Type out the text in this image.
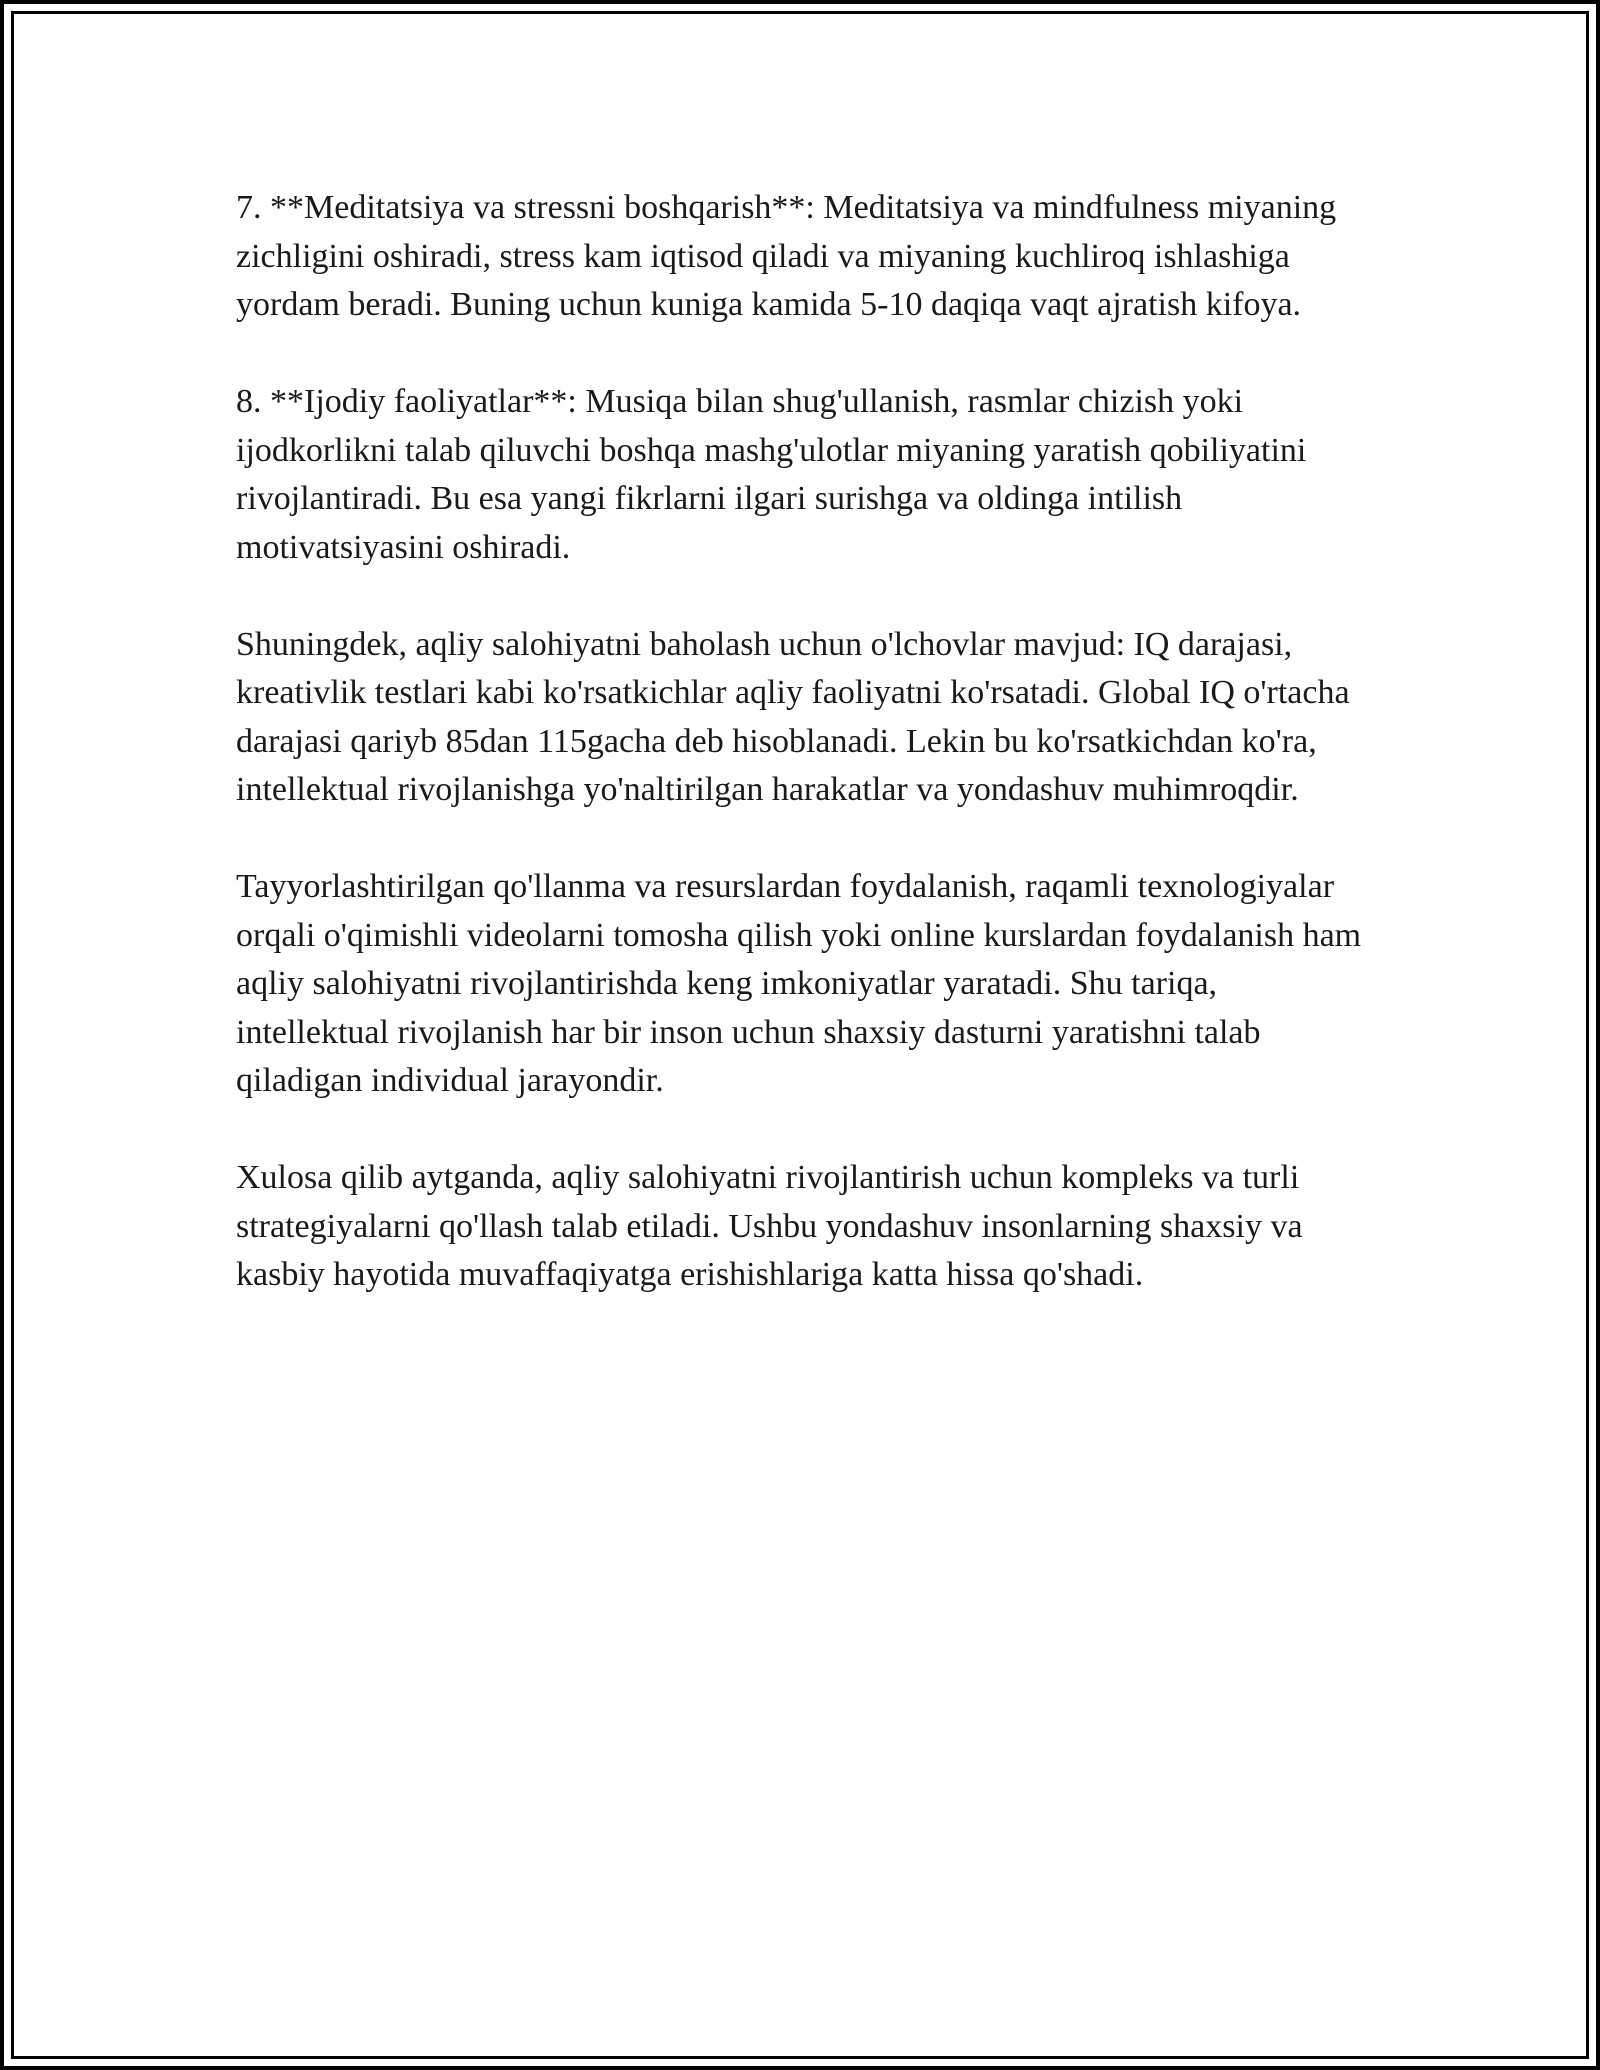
7. **Meditatsiya va stressni boshqarish**: Meditatsiya va mindfulness miyaning zichligini oshiradi, stress kam iqtisod qiladi va miyaning kuchliroq ishlashiga yordam beradi. Buning uchun kuniga kamida 5-10 daqiqa vaqt ajratish kifoya.

8. **Ijodiy faoliyatlar**: Musiqa bilan shug'ullanish, rasmlar chizish yoki ijodkorlikni talab qiluvchi boshqa mashg'ulotlar miyaning yaratish qobiliyatini rivojlantiradi. Bu esa yangi fikrlarni ilgari surishga va oldinga intilish motivatsiyasini oshiradi.

Shuningdek, aqliy salohiyatni baholash uchun o'lchovlar mavjud: IQ darajasi, kreativlik testlari kabi ko'rsatkichlar aqliy faoliyatni ko'rsatadi. Global IQ o'rtacha darajasi qariyb 85dan 115gacha deb hisoblanadi. Lekin bu ko'rsatkichdan ko'ra, intellektual rivojlanishga yo'naltirilgan harakatlar va yondashuv muhimroqdir.

Tayyorlashtirilgan qo'llanma va resurslardan foydalanish, raqamli texnologiyalar orqali o'qimishli videolarni tomosha qilish yoki online kurslardan foydalanish ham aqliy salohiyatni rivojlantirishda keng imkoniyatlar yaratadi. Shu tariqa, intellektual rivojlanish har bir inson uchun shaxsiy dasturni yaratishni talab qiladigan individual jarayondir.

Xulosa qilib aytganda, aqliy salohiyatni rivojlantirish uchun kompleks va turli strategiyalarni qo'llash talab etiladi. Ushbu yondashuv insonlarning shaxsiy va kasbiy hayotida muvaffaqiyatga erishishlariga katta hissa qo'shadi.
